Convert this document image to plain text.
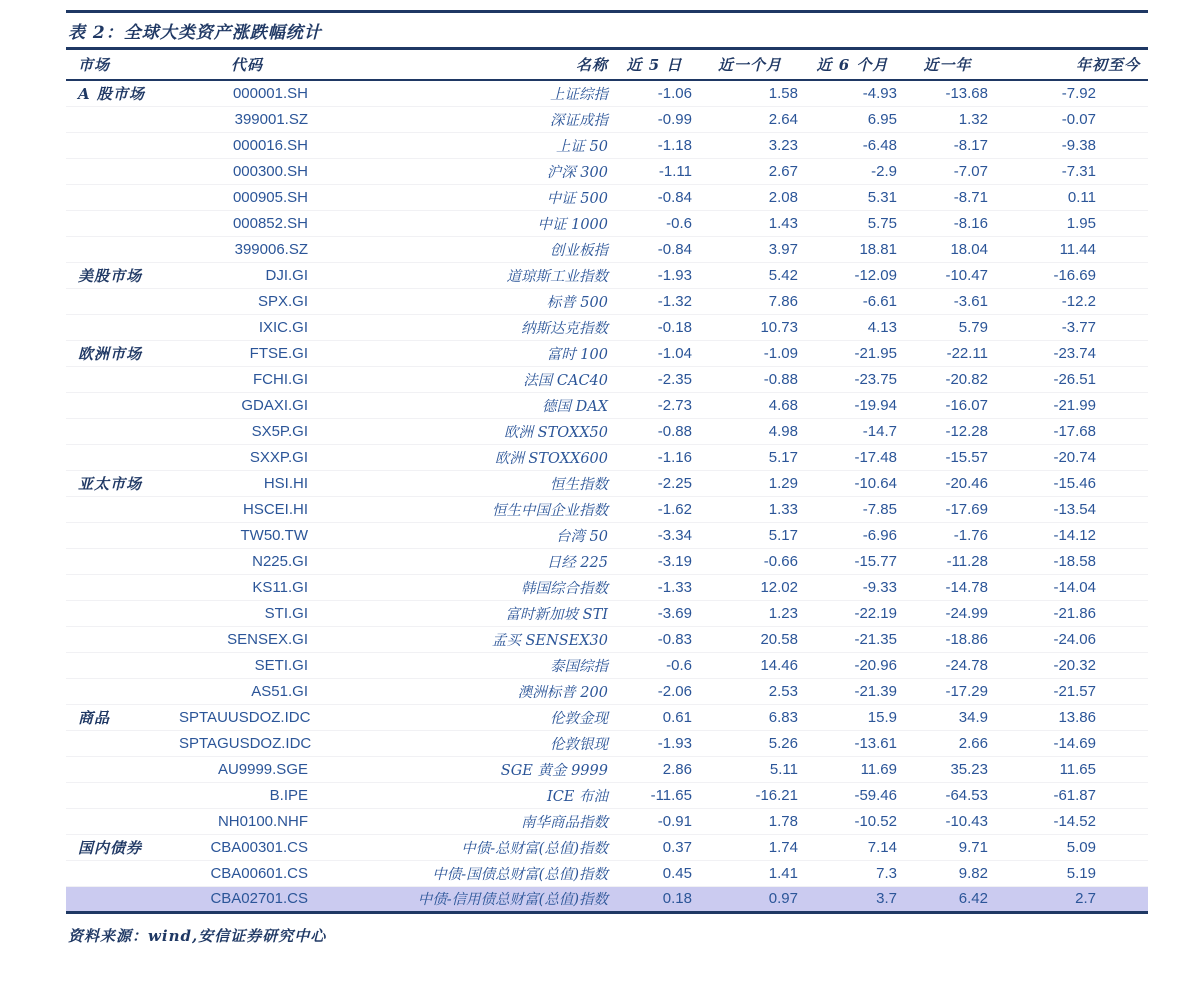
表 2：全球大类资产涨跌幅统计
市场	代码	名称	近 5 日	近一个月	近 6 个月	近一年	年初至今
A 股市场	000001.SH	上证综指	-1.06	1.58	-4.93	-13.68	-7.92
	399001.SZ	深证成指	-0.99	2.64	6.95	1.32	-0.07
	000016.SH	上证 50	-1.18	3.23	-6.48	-8.17	-9.38
	000300.SH	沪深 300	-1.11	2.67	-2.9	-7.07	-7.31
	000905.SH	中证 500	-0.84	2.08	5.31	-8.71	0.11
	000852.SH	中证 1000	-0.6	1.43	5.75	-8.16	1.95
	399006.SZ	创业板指	-0.84	3.97	18.81	18.04	11.44
美股市场	DJI.GI	道琼斯工业指数	-1.93	5.42	-12.09	-10.47	-16.69
	SPX.GI	标普 500	-1.32	7.86	-6.61	-3.61	-12.2
	IXIC.GI	纳斯达克指数	-0.18	10.73	4.13	5.79	-3.77
欧洲市场	FTSE.GI	富时 100	-1.04	-1.09	-21.95	-22.11	-23.74
	FCHI.GI	法国 CAC40	-2.35	-0.88	-23.75	-20.82	-26.51
	GDAXI.GI	德国 DAX	-2.73	4.68	-19.94	-16.07	-21.99
	SX5P.GI	欧洲 STOXX50	-0.88	4.98	-14.7	-12.28	-17.68
	SXXP.GI	欧洲 STOXX600	-1.16	5.17	-17.48	-15.57	-20.74
亚太市场	HSI.HI	恒生指数	-2.25	1.29	-10.64	-20.46	-15.46
	HSCEI.HI	恒生中国企业指数	-1.62	1.33	-7.85	-17.69	-13.54
	TW50.TW	台湾 50	-3.34	5.17	-6.96	-1.76	-14.12
	N225.GI	日经 225	-3.19	-0.66	-15.77	-11.28	-18.58
	KS11.GI	韩国综合指数	-1.33	12.02	-9.33	-14.78	-14.04
	STI.GI	富时新加坡 STI	-3.69	1.23	-22.19	-24.99	-21.86
	SENSEX.GI	孟买 SENSEX30	-0.83	20.58	-21.35	-18.86	-24.06
	SETI.GI	泰国综指	-0.6	14.46	-20.96	-24.78	-20.32
	AS51.GI	澳洲标普 200	-2.06	2.53	-21.39	-17.29	-21.57
商品	SPTAUUSDOZ.IDC	伦敦金现	0.61	6.83	15.9	34.9	13.86
	SPTAGUSDOZ.IDC	伦敦银现	-1.93	5.26	-13.61	2.66	-14.69
	AU9999.SGE	SGE 黄金 9999	2.86	5.11	11.69	35.23	11.65
	B.IPE	ICE 布油	-11.65	-16.21	-59.46	-64.53	-61.87
	NH0100.NHF	南华商品指数	-0.91	1.78	-10.52	-10.43	-14.52
国内债券	CBA00301.CS	中债-总财富(总值)指数	0.37	1.74	7.14	9.71	5.09
	CBA00601.CS	中债-国债总财富(总值)指数	0.45	1.41	7.3	9.82	5.19
	CBA02701.CS	中债-信用债总财富(总值)指数	0.18	0.97	3.7	6.42	2.7
资料来源：wind,安信证券研究中心
